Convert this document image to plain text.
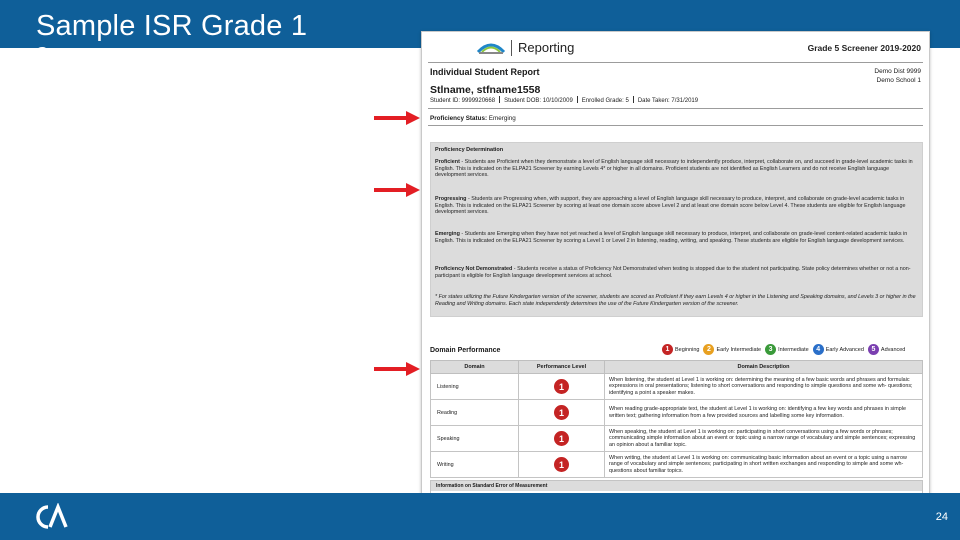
Sample ISR Grade 1
S	Reporting	Grade 5 Screener 2019-2020
Individual Student Report	Demo Dist 9999
Demo School 1
Stlname, stfname1558
Student ID: 9999920668 Student DOB: 10/10/2009 Enrolled Grade: 5 Date Taken: 7/31/2019
Proficiency Status: Emerging
Proficiency Determination
Proficient - Students are Proficient when they demonstrate a level of English language skill necessary to independently produce, interpret, collaborate on, and succeed in grade-level academic tasks in English. This is indicated on the ELPA21 Screener by earning Levels 4* or higher in all domains. Proficient students are not identified as English Learners and do not receive English language development services.
Progressing - Students are Progressing when, with support, they are approaching a level of English language skill necessary to produce, interpret, and collaborate on grade-level academic tasks in English. This is indicated on the ELPA21 Screener by scoring at least one domain score above Level 2 and at least one domain score below Level 4. These students are eligible for English language development services.
Emerging - Students are Emerging when they have not yet reached a level of English language skill necessary to produce, interpret, and collaborate on grade-level content-related academic tasks in English. This is indicated on the ELPA21 Screener by scoring a Level 1 or Level 2 in listening, reading, writing, and speaking. These students are eligible for English language development services.
Proficiency Not Demonstrated - Students receive a status of Proficiency Not Demonstrated when testing is stopped due to the student not participating. State policy determines whether or not a non-participant is eligible for English language development services at school.
* For states utilizing the Future Kindergarten version of the screener, students are scored as Proficient if they earn Levels 4 or higher in the Listening and Speaking domains, and Levels 3 or higher in the Reading and Writing domains. Each state independently determines the use of the Future Kindergarten version of the screener.
Domain Performance	1	Beginning	2	Early Intermediate	3	Intermediate	4	Early Advanced	5	Advanced
Domain	Performance Level	Domain Description
Listening	1	When listening, the student at Level 1 is working on: determining the meaning of a few basic words and phrases and formulaic expressions in oral presentations; listening to short conversations and responding to simple questions and some wh- questions; identifying a point a speaker makes.
Reading	1	When reading grade-appropriate text, the student at Level 1 is working on: identifying a few key words and phrases in simple written text; gathering information from a few provided sources and labelling some key information.
Speaking	1	When speaking, the student at Level 1 is working on: participating in short conversations using a few words or phrases; communicating simple information about an event or topic using a narrow range of vocabulary and simple sentences; expressing an opinion about a familiar topic.
Writing	1	When writing, the student at Level 1 is working on: communicating basic information about an event or a topic using a narrow range of vocabulary and simple sentences; participating in short written exchanges and responding to simple and some wh-questions about familiar topics.
Information on Standard Error of Measurement
24
